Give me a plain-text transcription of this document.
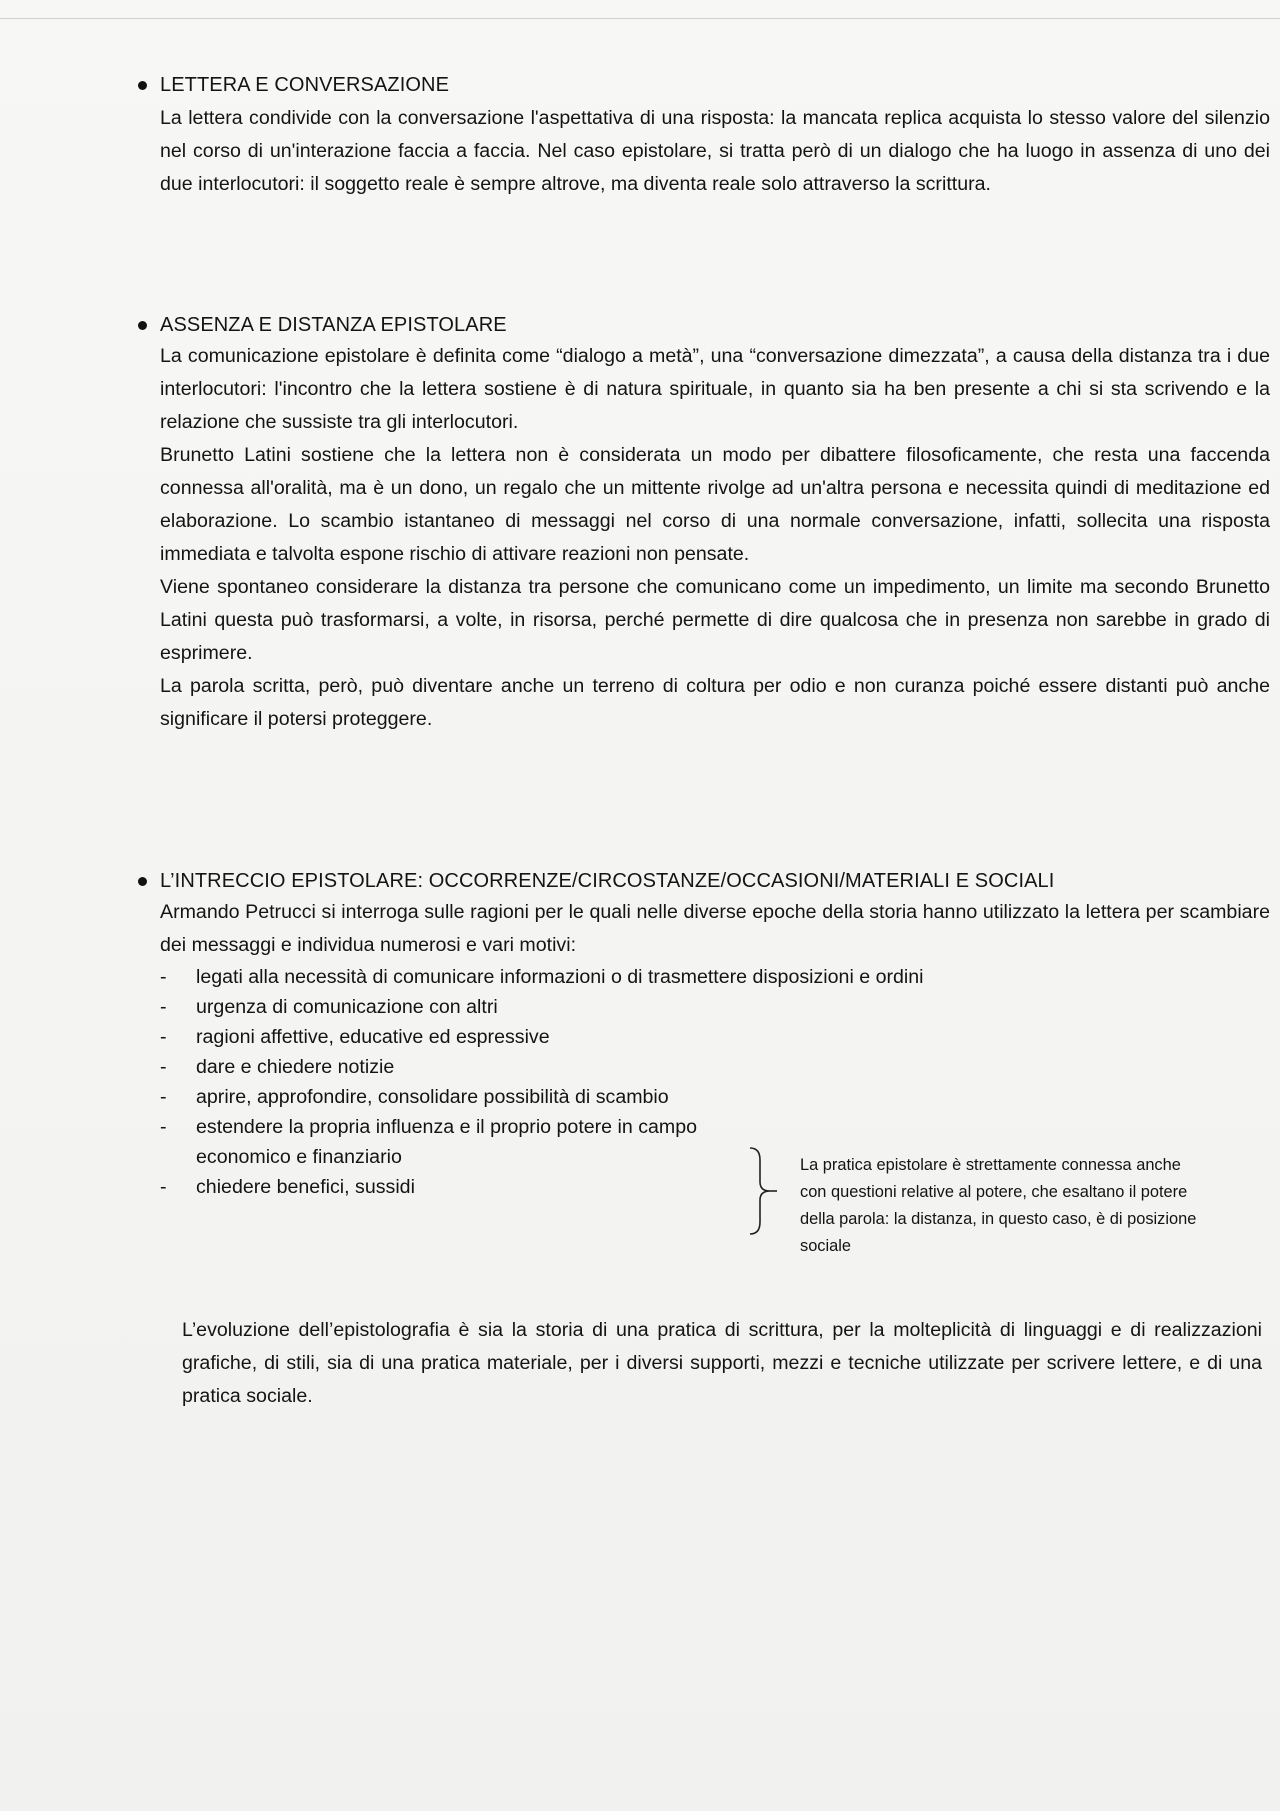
LETTERA E CONVERSAZIONE

La lettera condivide con la conversazione l'aspettativa di una risposta: la mancata replica acquista lo stesso valore del silenzio nel corso di un'interazione faccia a faccia. Nel caso epistolare, si tratta però di un dialogo che ha luogo in assenza di uno dei due interlocutori: il soggetto reale è sempre altrove, ma diventa reale solo attraverso la scrittura.

ASSENZA E DISTANZA EPISTOLARE

La comunicazione epistolare è definita come “dialogo a metà”, una “conversazione dimezzata”, a causa della distanza tra i due interlocutori: l'incontro che la lettera sostiene è di natura spirituale, in quanto sia ha ben presente a chi si sta scrivendo e la relazione che sussiste tra gli interlocutori.

Brunetto Latini sostiene che la lettera non è considerata un modo per dibattere filosoficamente, che resta una faccenda connessa all'oralità, ma è un dono, un regalo che un mittente rivolge ad un'altra persona e necessita quindi di meditazione ed elaborazione. Lo scambio istantaneo di messaggi nel corso di una normale conversazione, infatti, sollecita una risposta immediata e talvolta espone rischio di attivare reazioni non pensate.

Viene spontaneo considerare la distanza tra persone che comunicano come un impedimento, un limite ma secondo Brunetto Latini questa può trasformarsi, a volte, in risorsa, perché permette di dire qualcosa che in presenza non sarebbe in grado di esprimere.

La parola scritta, però, può diventare anche un terreno di coltura per odio e non curanza poiché essere distanti può anche significare il potersi proteggere.

L’INTRECCIO EPISTOLARE: OCCORRENZE/CIRCOSTANZE/OCCASIONI/MATERIALI E SOCIALI

Armando Petrucci si interroga sulle ragioni per le quali nelle diverse epoche della storia hanno utilizzato la lettera per scambiare dei messaggi e individua numerosi e vari motivi:

- legati alla necessità di comunicare informazioni o di trasmettere disposizioni e ordini
- urgenza di comunicazione con altri
- ragioni affettive, educative ed espressive
- dare e chiedere notizie
- aprire, approfondire, consolidare possibilità di scambio
- estendere la propria influenza e il proprio potere in campo economico e finanziario
- chiedere benefici, sussidi
La pratica epistolare è strettamente connessa anche con questioni relative al potere, che esaltano il potere della parola: la distanza, in questo caso, è di posizione sociale

L’evoluzione dell’epistolografia è sia la storia di una pratica di scrittura, per la molteplicità di linguaggi e di realizzazioni grafiche, di stili, sia di una pratica materiale, per i diversi supporti, mezzi e tecniche utilizzate per scrivere lettere, e di una pratica sociale.
